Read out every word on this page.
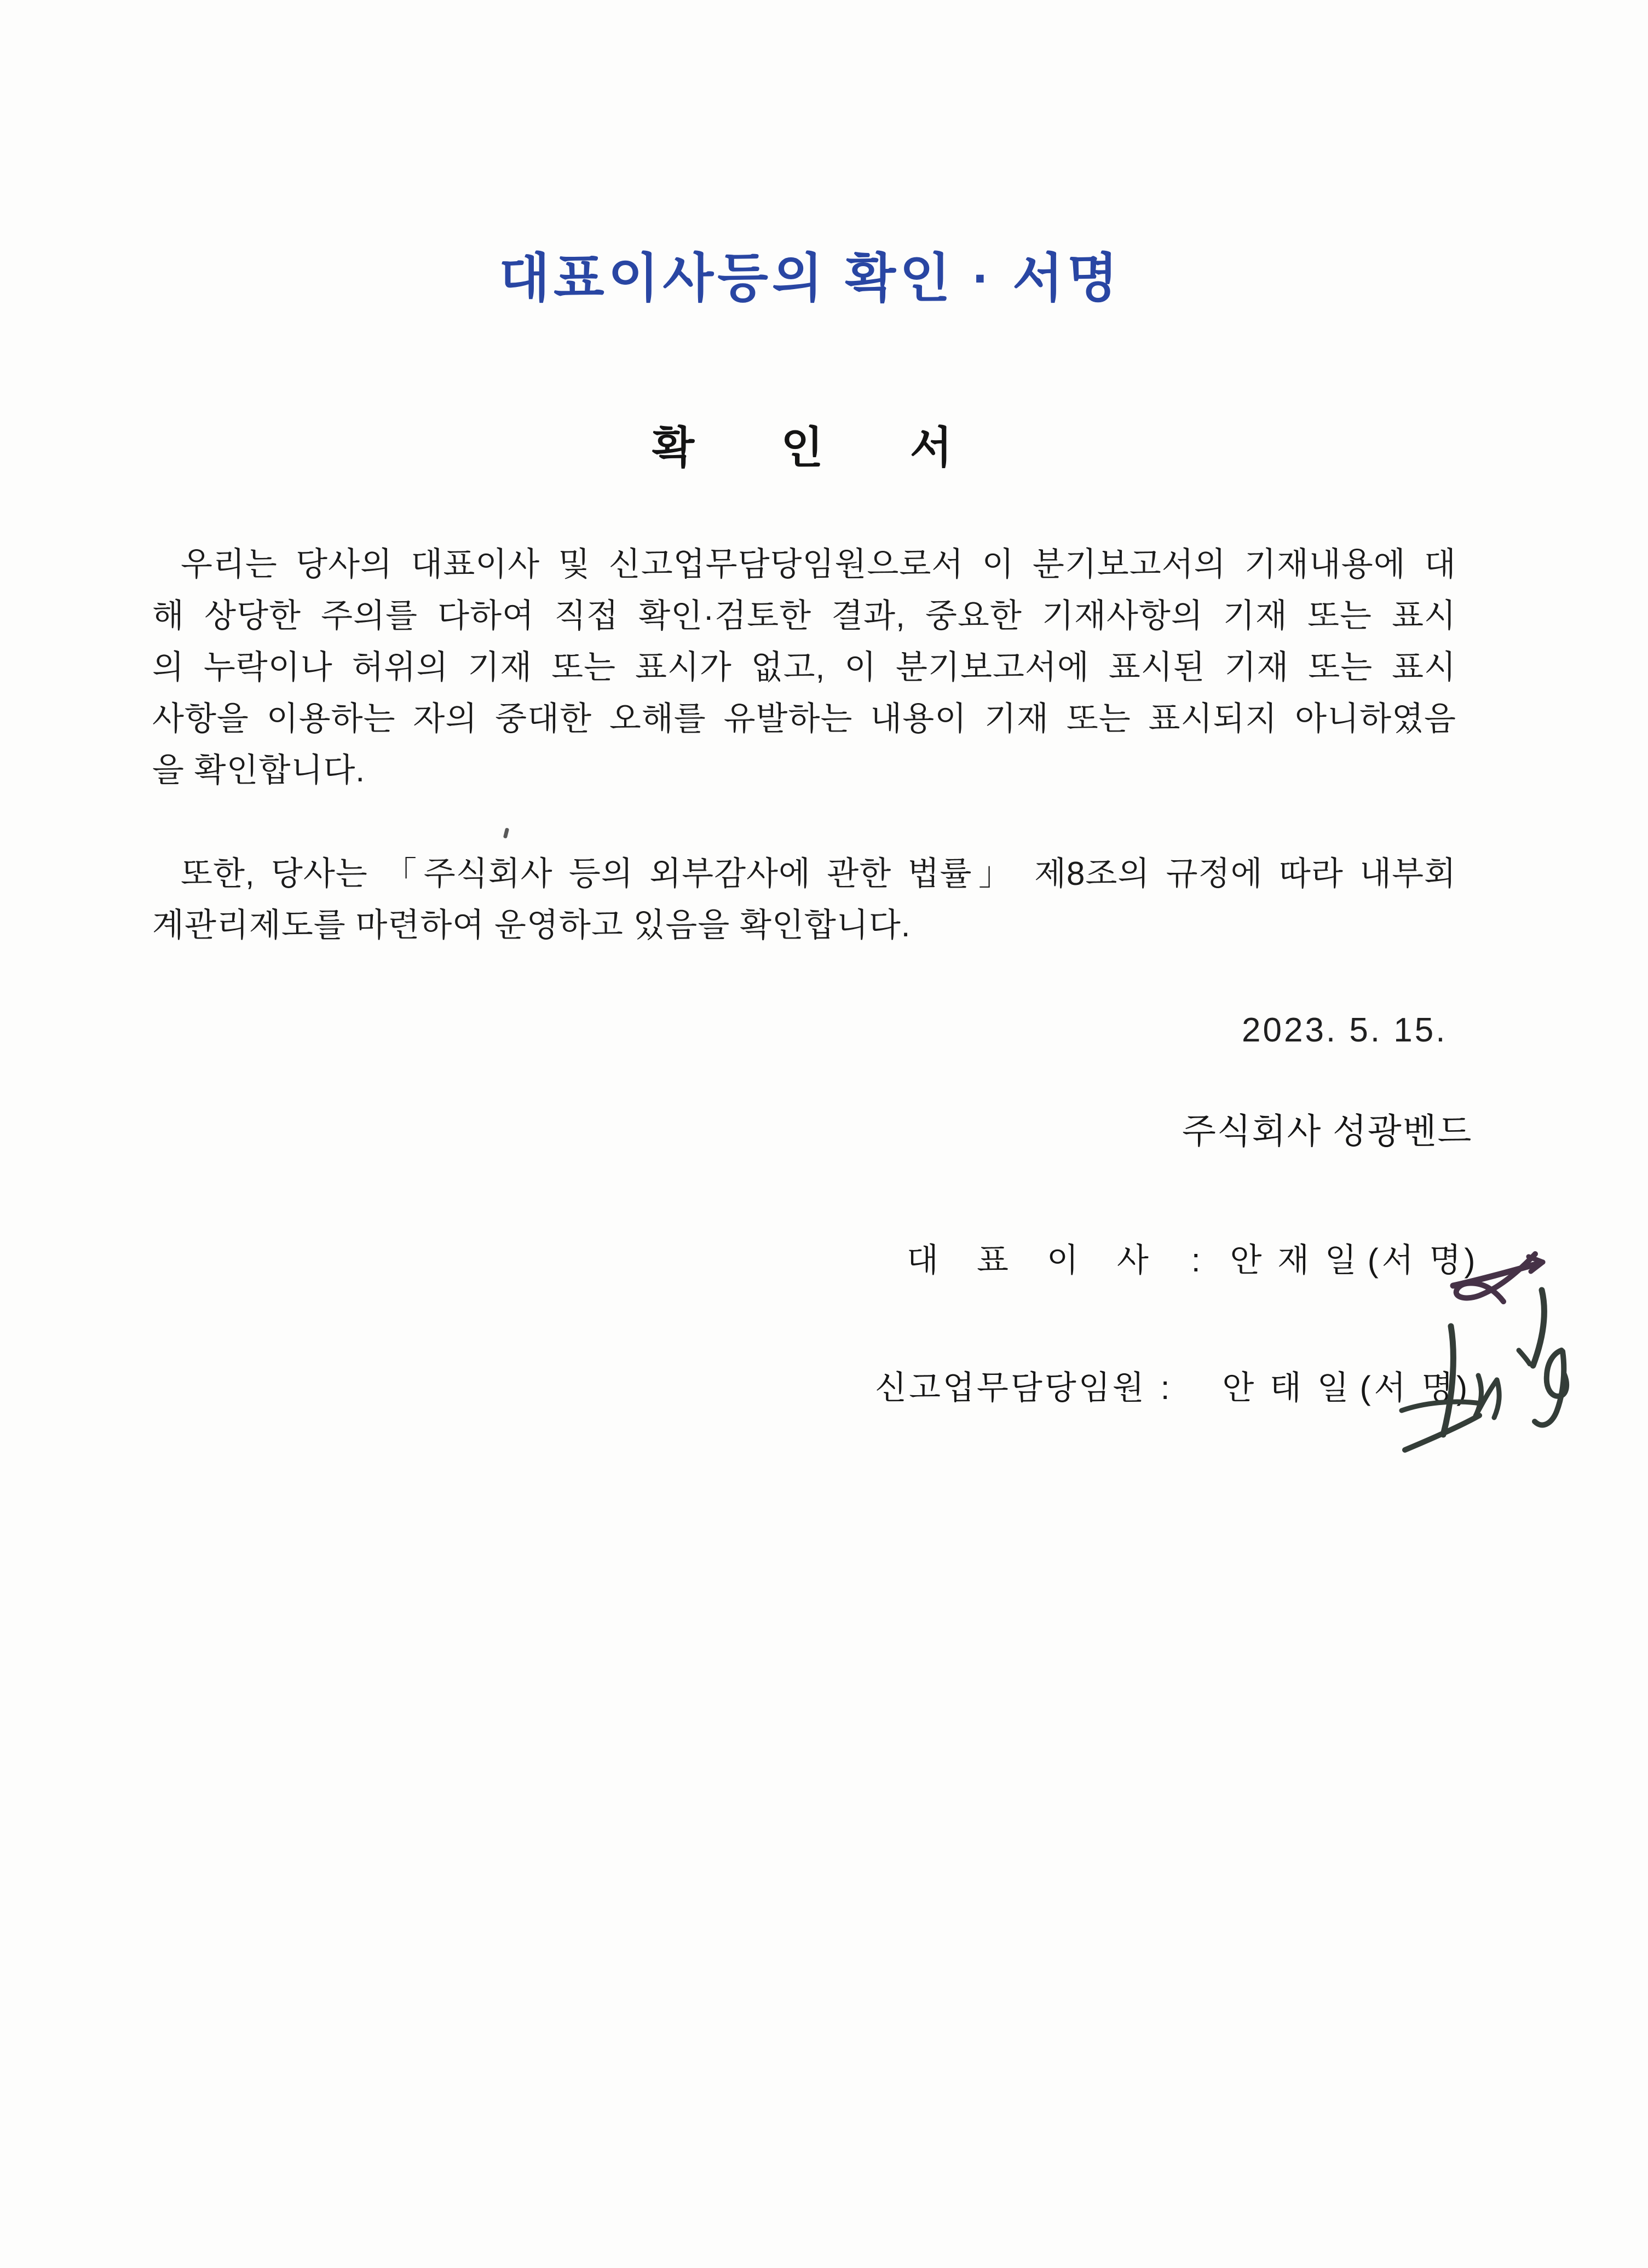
대표이사등의 확인 · 서명
확 인 서
우리는 당사의 대표이사 및 신고업무담당임원으로서 이 분기보고서의 기재내용에 대
해 상당한 주의를 다하여 직접 확인·검토한 결과, 중요한 기재사항의 기재 또는 표시
의 누락이나 허위의 기재 또는 표시가 없고, 이 분기보고서에 표시된 기재 또는 표시
사항을 이용하는 자의 중대한 오해를 유발하는 내용이 기재 또는 표시되지 아니하였음
을 확인합니다.
또한, 당사는 「주식회사 등의 외부감사에 관한 법률」 제8조의 규정에 따라 내부회
계관리제도를 마련하여 운영하고 있음을 확인합니다.
2023. 5. 15.
주식회사 성광벤드
대표이사 : 안 재 일 (서 명)
신고업무담당임원 : 안 태 일 (서 명)
